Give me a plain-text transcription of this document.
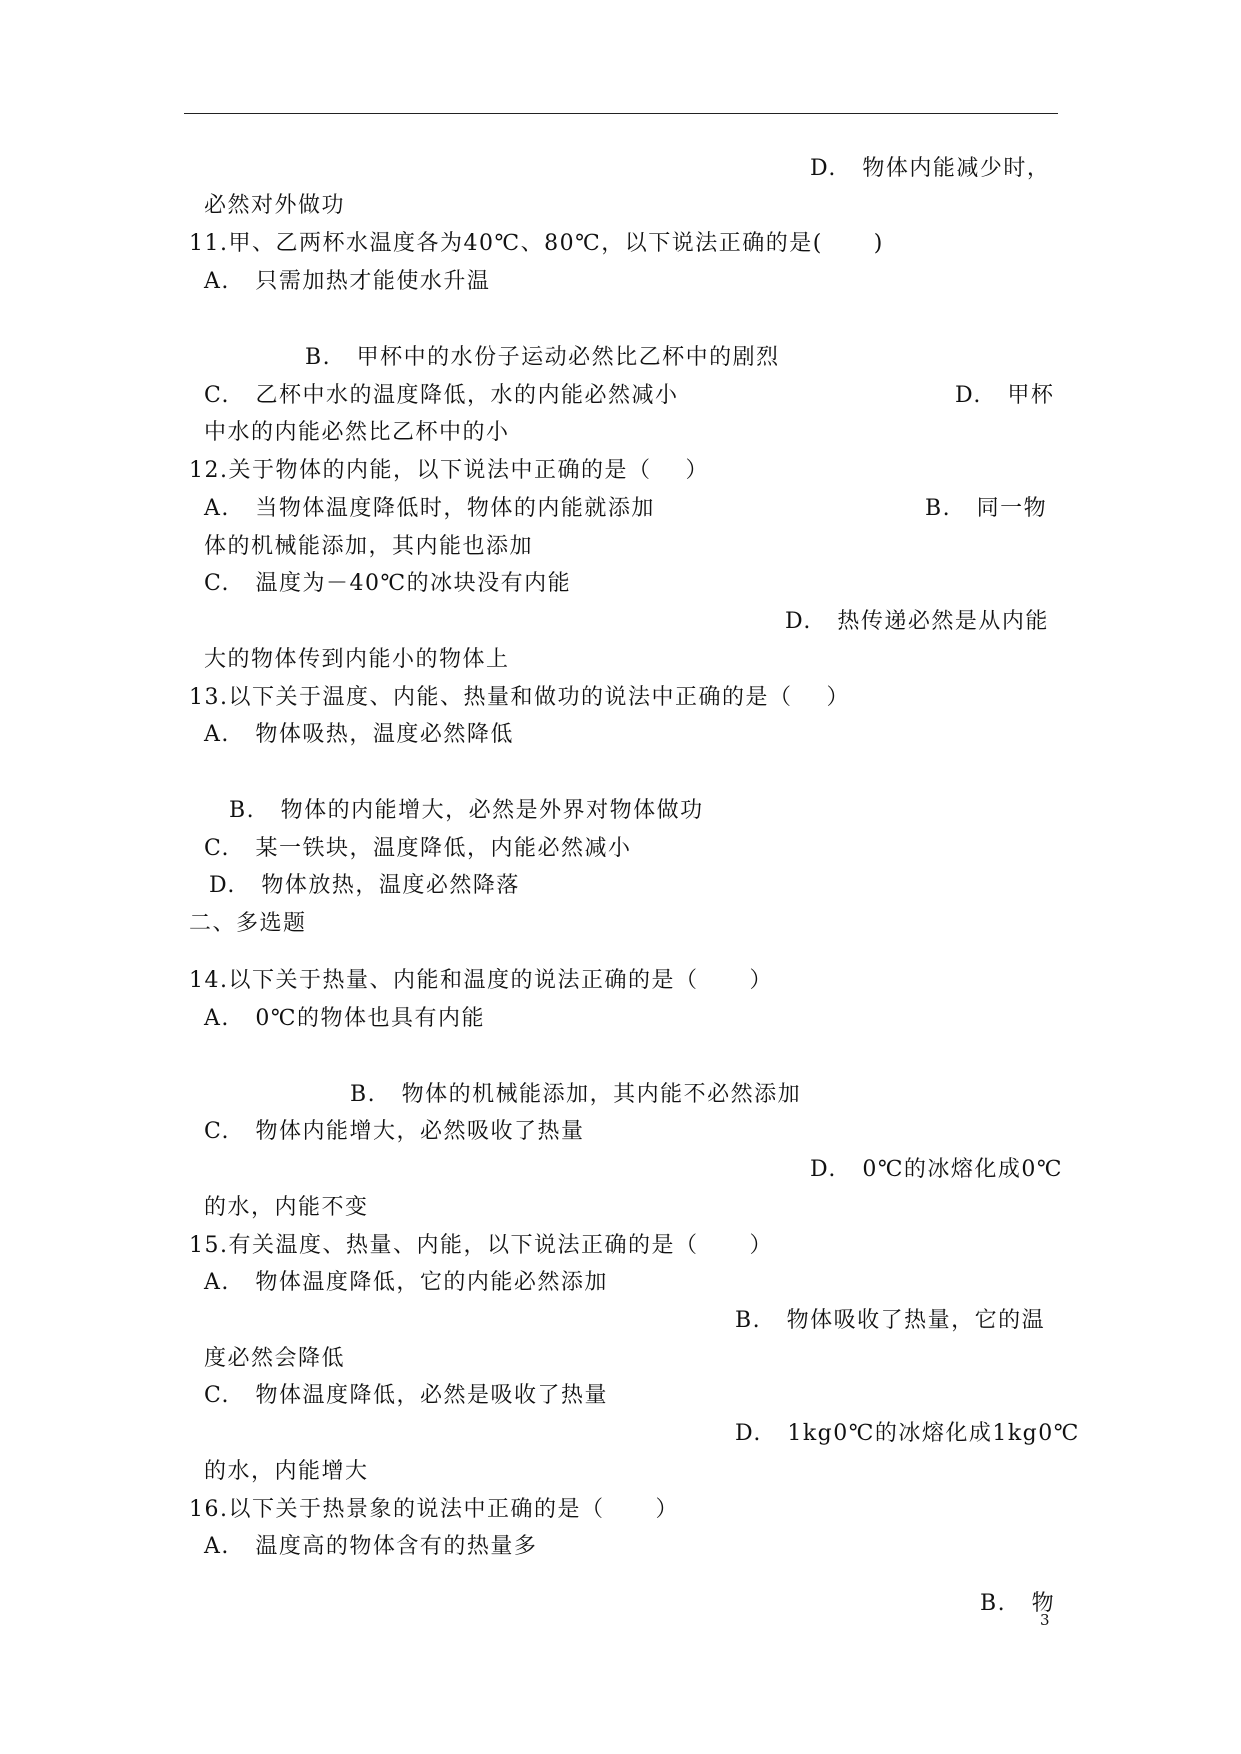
D.   物体内能减少时，
必然对外做功
11.甲、乙两杯水温度各为40℃、80℃，以下说法正确的是(      )
A.   只需加热才能使水升温
B.   甲杯中的水份子运动必然比乙杯中的剧烈
C.   乙杯中水的温度降低，水的内能必然减小	D.   甲杯
中水的内能必然比乙杯中的小
12.关于物体的内能，以下说法中正确的是（    ）
A.   当物体温度降低时，物体的内能就添加	B.   同一物
体的机械能添加，其内能也添加
C.   温度为－40℃的冰块没有内能
D.   热传递必然是从内能
大的物体传到内能小的物体上
13.以下关于温度、内能、热量和做功的说法中正确的是（    ）
A.   物体吸热，温度必然降低
B.   物体的内能增大，必然是外界对物体做功
C.   某一铁块，温度降低，内能必然减小
D.   物体放热，温度必然降落
二、多选题
14.以下关于热量、内能和温度的说法正确的是（      ）
A.   0℃的物体也具有内能
B.   物体的机械能添加，其内能不必然添加
C.   物体内能增大，必然吸收了热量
D.   0℃的冰熔化成0℃
的水，内能不变
15.有关温度、热量、内能，以下说法正确的是（      ）
A.   物体温度降低，它的内能必然添加
B.   物体吸收了热量，它的温
度必然会降低
C.   物体温度降低，必然是吸收了热量
D.   1kg0℃的冰熔化成1kg0℃
的水，内能增大
16.以下关于热景象的说法中正确的是（      ）
A.   温度高的物体含有的热量多
B.   物
3
